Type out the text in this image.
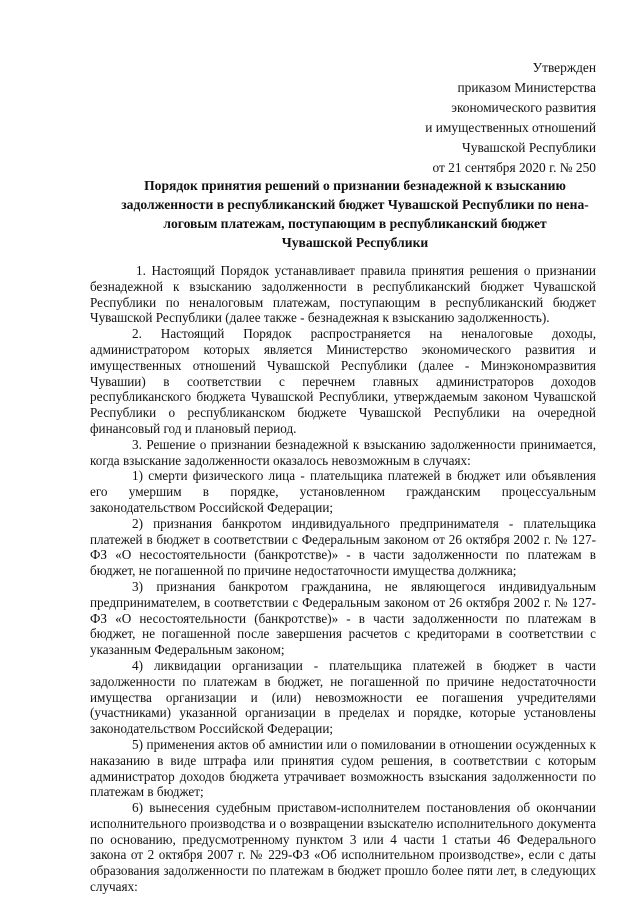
Утвержден
приказом Министерства
экономического развития
и имущественных отношений
Чувашской Республики
от 21 сентября 2020 г. № 250
Порядок принятия решений о признании безнадежной к взысканию
задолженности в республиканский бюджет Чувашской Республики по нена-
логовым платежам, поступающим в республиканский бюджет
Чувашской Республики

1. Настоящий Порядок устанавливает правила принятия решения о признании безнадежной к взысканию задолженности в республиканский бюджет Чувашской Республики по неналоговым платежам, поступающим в республиканский бюджет Чувашской Республики (далее также - безнадежная к взысканию задолженность).

2. Настоящий Порядок распространяется на неналоговые доходы, администратором которых является Министерство экономического развития и имущественных отношений Чувашской Республики (далее - Минэкономразвития Чувашии) в соответствии с перечнем главных администраторов доходов республиканского бюджета Чувашской Республики, утверждаемым законом Чувашской Республики о республиканском бюджете Чувашской Республики на очередной финансовый год и плановый период.

3. Решение о признании безнадежной к взысканию задолженности принимается, когда взыскание задолженности оказалось невозможным в случаях:

1) смерти физического лица - плательщика платежей в бюджет или объявления его умершим в порядке, установленном гражданским процессуальным законодательством Российской Федерации;

2) признания банкротом индивидуального предпринимателя - плательщика платежей в бюджет в соответствии с Федеральным законом от 26 октября 2002 г. № 127-ФЗ «О несостоятельности (банкротстве)» - в части задолженности по платежам в бюджет, не погашенной по причине недостаточности имущества должника;

3) признания банкротом гражданина, не являющегося индивидуальным предпринимателем, в соответствии с Федеральным законом от 26 октября 2002 г. № 127-ФЗ «О несостоятельности (банкротстве)» - в части задолженности по платежам в бюджет, не погашенной после завершения расчетов с кредиторами в соответствии с указанным Федеральным законом;

4) ликвидации организации - плательщика платежей в бюджет в части задолженности по платежам в бюджет, не погашенной по причине недостаточности имущества организации и (или) невозможности ее погашения учредителями (участниками) указанной организации в пределах и порядке, которые установлены законодательством Российской Федерации;

5) применения актов об амнистии или о помиловании в отношении осужденных к наказанию в виде штрафа или принятия судом решения, в соответствии с которым администратор доходов бюджета утрачивает возможность взыскания задолженности по платежам в бюджет;

6) вынесения судебным приставом-исполнителем постановления об окончании исполнительного производства и о возвращении взыскателю исполнительного документа по основанию, предусмотренному пунктом 3 или 4 части 1 статьи 46 Федерального закона от 2 октября 2007 г. № 229-ФЗ «Об исполнительном производстве», если с даты образования задолженности по платежам в бюджет прошло более пяти лет, в следующих случаях:
